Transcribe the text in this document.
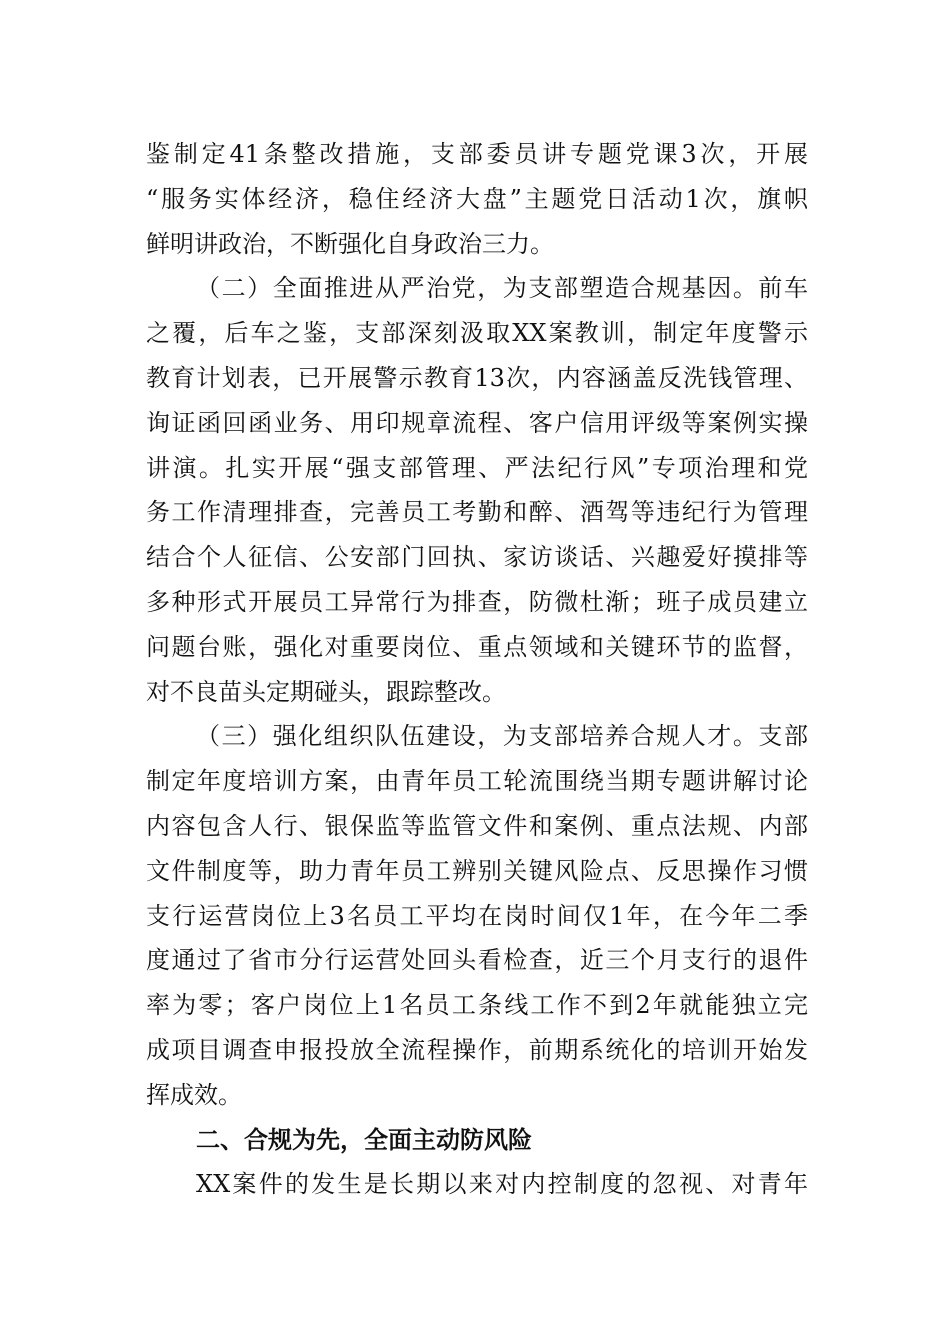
鉴制定41条整改措施，支部委员讲专题党课3次，开展
“服务实体经济，稳住经济大盘”主题党日活动1次，旗帜
鲜明讲政治，不断强化自身政治三力。
（二）全面推进从严治党，为支部塑造合规基因。前车
之覆，后车之鉴，支部深刻汲取XX案教训，制定年度警示
教育计划表，已开展警示教育13次，内容涵盖反洗钱管理、
询证函回函业务、用印规章流程、客户信用评级等案例实操
讲演。扎实开展“强支部管理、严法纪行风”专项治理和党
务工作清理排查，完善员工考勤和醉、酒驾等违纪行为管理
结合个人征信、公安部门回执、家访谈话、兴趣爱好摸排等
多种形式开展员工异常行为排查，防微杜渐；班子成员建立
问题台账，强化对重要岗位、重点领域和关键环节的监督，
对不良苗头定期碰头，跟踪整改。
（三）强化组织队伍建设，为支部培养合规人才。支部
制定年度培训方案，由青年员工轮流围绕当期专题讲解讨论
内容包含人行、银保监等监管文件和案例、重点法规、内部
文件制度等，助力青年员工辨别关键风险点、反思操作习惯
支行运营岗位上3名员工平均在岗时间仅1年，在今年二季
度通过了省市分行运营处回头看检查，近三个月支行的退件
率为零；客户岗位上1名员工条线工作不到2年就能独立完
成项目调查申报投放全流程操作，前期系统化的培训开始发
挥成效。
二、合规为先，全面主动防风险
XX案件的发生是长期以来对内控制度的忽视、对青年
